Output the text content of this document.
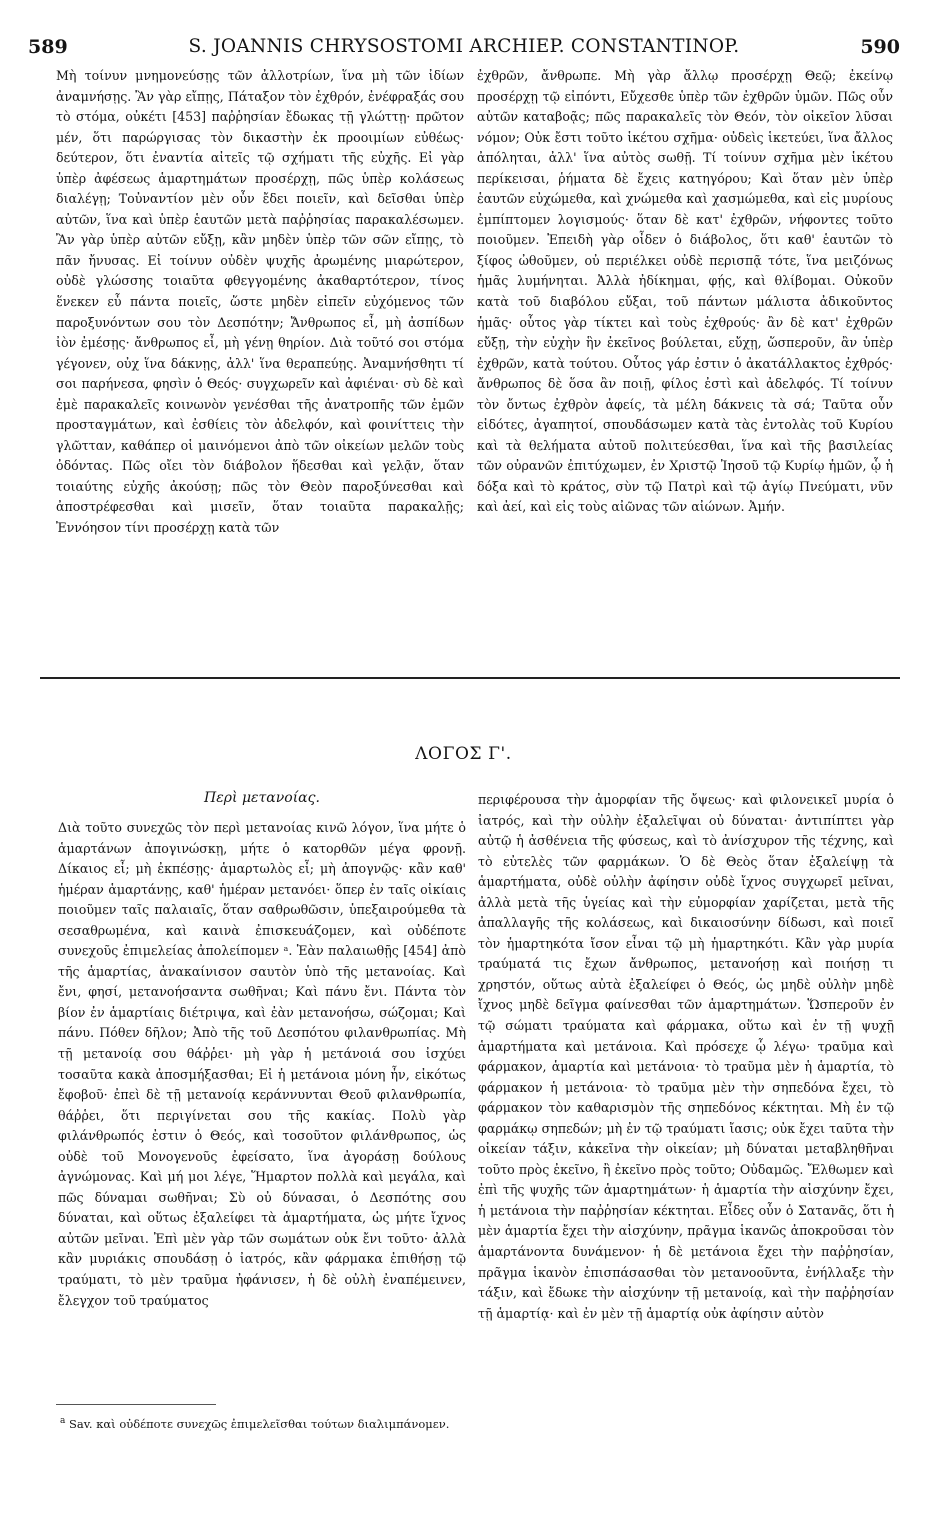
589	S. JOANNIS CHRYSOSTOMI ARCHIEP. CONSTANTINOP.	590

Μὴ τοίνυν μνημονεύσῃς τῶν ἀλλοτρίων, ἵνα μὴ τῶν ἰδίων ἀναμνήσῃς. Ἂν γὰρ εἴπῃς, Πάταξον τὸν ἐχθρόν, ἐνέφραξάς σου τὸ στόμα, οὐκέτι [453] παῤῥησίαν ἔδωκας τῇ γλώττῃ· πρῶτον μέν, ὅτι παρώργισας τὸν δικαστὴν ἐκ προοιμίων εὐθέως· δεύτερον, ὅτι ἐναντία αἰτεῖς τῷ σχήματι τῆς εὐχῆς. Εἰ γὰρ ὑπὲρ ἀφέσεως ἁμαρτημάτων προσέρχῃ, πῶς ὑπὲρ κολάσεως διαλέγῃ; Τοὐναντίον μὲν οὖν ἔδει ποιεῖν, καὶ δεῖσθαι ὑπὲρ αὐτῶν, ἵνα καὶ ὑπὲρ ἑαυτῶν μετὰ παῤῥησίας παρακαλέσωμεν. Ἂν γὰρ ὑπὲρ αὐτῶν εὔξῃ, κἂν μηδὲν ὑπὲρ τῶν σῶν εἴπῃς, τὸ πᾶν ἤνυσας. Εἰ τοίνυν οὐδὲν ψυχῆς ἀρωμένης μιαρώτερον, οὐδὲ γλώσσης τοιαῦτα φθεγγομένης ἀκαθαρτότερον, τίνος ἕνεκεν εὖ πάντα ποιεῖς, ὥστε μηδὲν εἰπεῖν εὐχόμενος τῶν παροξυνόντων σου τὸν Δεσπότην; Ἄνθρωπος εἶ, μὴ ἀσπίδων ἰὸν ἐμέσῃς· ἄνθρωπος εἶ, μὴ γένῃ θηρίον. Διὰ τοῦτό σοι στόμα γέγονεν, οὐχ ἵνα δάκνῃς, ἀλλ' ἵνα θεραπεύῃς. Ἀναμνήσθητι τί σοι παρήνεσα, φησὶν ὁ Θεός· συγχωρεῖν καὶ ἀφιέναι· σὺ δὲ καὶ ἐμὲ παρακαλεῖς κοινωνὸν γενέσθαι τῆς ἀνατροπῆς τῶν ἐμῶν προσταγμάτων, καὶ ἐσθίεις τὸν ἀδελφόν, καὶ φοινίττεις τὴν γλῶτταν, καθάπερ οἱ μαινόμενοι ἀπὸ τῶν οἰκείων μελῶν τοὺς ὀδόντας. Πῶς οἴει τὸν διάβολον ἥδεσθαι καὶ γελᾷν, ὅταν τοιαύτης εὐχῆς ἀκούσῃ; πῶς τὸν Θεὸν παροξύνεσθαι καὶ ἀποστρέφεσθαι καὶ μισεῖν, ὅταν τοιαῦτα παρακαλῇς; Ἐννόησον τίνι προσέρχῃ κατὰ τῶν

ἐχθρῶν, ἄνθρωπε. Μὴ γὰρ ἄλλῳ προσέρχῃ Θεῷ; ἐκείνῳ προσέρχῃ τῷ εἰπόντι, Εὔχεσθε ὑπὲρ τῶν ἐχθρῶν ὑμῶν. Πῶς οὖν αὐτῶν καταβοᾷς; πῶς παρακαλεῖς τὸν Θεόν, τὸν οἰκεῖον λῦσαι νόμον; Οὐκ ἔστι τοῦτο ἱκέτου σχῆμα· οὐδεὶς ἱκετεύει, ἵνα ἄλλος ἀπόληται, ἀλλ' ἵνα αὐτὸς σωθῇ. Τί τοίνυν σχῆμα μὲν ἱκέτου περίκεισαι, ῥήματα δὲ ἔχεις κατηγόρου; Καὶ ὅταν μὲν ὑπὲρ ἑαυτῶν εὐχώμεθα, καὶ χνώμεθα καὶ χασμώμεθα, καὶ εἰς μυρίους ἐμπίπτομεν λογισμούς· ὅταν δὲ κατ' ἐχθρῶν, νήφοντες τοῦτο ποιοῦμεν. Ἐπειδὴ γὰρ οἶδεν ὁ διάβολος, ὅτι καθ' ἑαυτῶν τὸ ξίφος ὠθοῦμεν, οὐ περιέλκει οὐδὲ περισπᾷ τότε, ἵνα μειζόνως ἡμᾶς λυμήνηται. Ἀλλὰ ἠδίκημαι, φῄς, καὶ θλίβομαι. Οὐκοῦν κατὰ τοῦ διαβόλου εὔξαι, τοῦ πάντων μάλιστα ἀδικοῦντος ἡμᾶς· οὗτος γὰρ τίκτει καὶ τοὺς ἐχθρούς· ἂν δὲ κατ' ἐχθρῶν εὔξῃ, τὴν εὐχὴν ἣν ἐκεῖνος βούλεται, εὔχῃ, ὥσπεροῦν, ἂν ὑπὲρ ἐχθρῶν, κατὰ τούτου. Οὗτος γάρ ἐστιν ὁ ἀκατάλλακτος ἐχθρός· ἄνθρωπος δὲ ὅσα ἂν ποιῇ, φίλος ἐστὶ καὶ ἀδελφός. Τί τοίνυν τὸν ὄντως ἐχθρὸν ἀφείς, τὰ μέλη δάκνεις τὰ σά; Ταῦτα οὖν εἰδότες, ἀγαπητοί, σπουδάσωμεν κατὰ τὰς ἐντολὰς τοῦ Κυρίου καὶ τὰ θελήματα αὐτοῦ πολιτεύεσθαι, ἵνα καὶ τῆς βασιλείας τῶν οὐρανῶν ἐπιτύχωμεν, ἐν Χριστῷ Ἰησοῦ τῷ Κυρίῳ ἡμῶν, ᾧ ἡ δόξα καὶ τὸ κράτος, σὺν τῷ Πατρὶ καὶ τῷ ἁγίῳ Πνεύματι, νῦν καὶ ἀεί, καὶ εἰς τοὺς αἰῶνας τῶν αἰώνων. Ἀμήν.

ΛΟΓΟΣ Γ'.
Περὶ μετανοίας.

Διὰ τοῦτο συνεχῶς τὸν περὶ μετανοίας κινῶ λόγον, ἵνα μήτε ὁ ἁμαρτάνων ἀπογινώσκῃ, μήτε ὁ κατορθῶν μέγα φρονῇ. Δίκαιος εἶ; μὴ ἐκπέσῃς· ἁμαρτωλὸς εἶ; μὴ ἀπογνῷς· κἂν καθ' ἡμέραν ἁμαρτάνῃς, καθ' ἡμέραν μετανόει· ὅπερ ἐν ταῖς οἰκίαις ποιοῦμεν ταῖς παλαιαῖς, ὅταν σαθρωθῶσιν, ὑπεξαιρούμεθα τὰ σεσαθρωμένα, καὶ καινὰ ἐπισκευάζομεν, καὶ οὐδέποτε συνεχοῦς ἐπιμελείας ἀπολείπομεν ᵃ. Ἐὰν παλαιωθῇς [454] ἀπὸ τῆς ἁμαρτίας, ἀνακαίνισον σαυτὸν ὑπὸ τῆς μετανοίας. Καὶ ἔνι, φησί, μετανοήσαντα σωθῆναι; Καὶ πάνυ ἔνι. Πάντα τὸν βίον ἐν ἁμαρτίαις διέτριψα, καὶ ἐὰν μετανοήσω, σώζομαι; Καὶ πάνυ. Πόθεν δῆλον; Ἀπὸ τῆς τοῦ Δεσπότου φιλανθρωπίας. Μὴ τῇ μετανοίᾳ σου θάῤῥει· μὴ γὰρ ἡ μετάνοιά σου ἰσχύει τοσαῦτα κακὰ ἀποσμήξασθαι; Εἰ ἡ μετάνοια μόνη ἦν, εἰκότως ἔφοβοῦ· ἐπεὶ δὲ τῇ μετανοίᾳ κεράννυνται Θεοῦ φιλανθρωπία, θάῤῥει, ὅτι περιγίνεται σου τῆς κακίας. Πολὺ γὰρ φιλάνθρωπός ἐστιν ὁ Θεός, καὶ τοσοῦτον φιλάνθρωπος, ὡς οὐδὲ τοῦ Μονογενοῦς ἐφείσατο, ἵνα ἀγοράσῃ δούλους ἀγνώμονας. Καὶ μή μοι λέγε, Ἥμαρτον πολλὰ καὶ μεγάλα, καὶ πῶς δύναμαι σωθῆναι; Σὺ οὐ δύνασαι, ὁ Δεσπότης σου δύναται, καὶ οὕτως ἐξαλείφει τὰ ἁμαρτήματα, ὡς μήτε ἴχνος αὐτῶν μεῖναι. Ἐπὶ μὲν γὰρ τῶν σωμάτων οὐκ ἔνι τοῦτο· ἀλλὰ κἂν μυριάκις σπουδάσῃ ὁ ἰατρός, κἂν φάρμακα ἐπιθήσῃ τῷ τραύματι, τὸ μὲν τραῦμα ἠφάνισεν, ἡ δὲ οὐλὴ ἐναπέμεινεν, ἔλεγχον τοῦ τραύματος

περιφέρουσα τὴν ἀμορφίαν τῆς ὄψεως· καὶ φιλονεικεῖ μυρία ὁ ἰατρός, καὶ τὴν οὐλὴν ἐξαλεῖψαι οὐ δύναται· ἀντιπίπτει γὰρ αὐτῷ ἡ ἀσθένεια τῆς φύσεως, καὶ τὸ ἀνίσχυρον τῆς τέχνης, καὶ τὸ εὐτελὲς τῶν φαρμάκων. Ὁ δὲ Θεὸς ὅταν ἐξαλείψῃ τὰ ἁμαρτήματα, οὐδὲ οὐλὴν ἀφίησιν οὐδὲ ἴχνος συγχωρεῖ μεῖναι, ἀλλὰ μετὰ τῆς ὑγείας καὶ τὴν εὐμορφίαν χαρίζεται, μετὰ τῆς ἀπαλλαγῆς τῆς κολάσεως, καὶ δικαιοσύνην δίδωσι, καὶ ποιεῖ τὸν ἡμαρτηκότα ἴσον εἶναι τῷ μὴ ἡμαρτηκότι. Κἂν γὰρ μυρία τραύματά τις ἔχων ἄνθρωπος, μετανοήσῃ καὶ ποιήσῃ τι χρηστόν, οὕτως αὐτὰ ἐξαλείφει ὁ Θεός, ὡς μηδὲ οὐλὴν μηδὲ ἴχνος μηδὲ δεῖγμα φαίνεσθαι τῶν ἁμαρτημάτων. Ὥσπεροῦν ἐν τῷ σώματι τραύματα καὶ φάρμακα, οὕτω καὶ ἐν τῇ ψυχῇ ἁμαρτήματα καὶ μετάνοια. Καὶ πρόσεχε ᾧ λέγω· τραῦμα καὶ φάρμακον, ἁμαρτία καὶ μετάνοια· τὸ τραῦμα μὲν ἡ ἁμαρτία, τὸ φάρμακον ἡ μετάνοια· τὸ τραῦμα μὲν τὴν σηπεδόνα ἔχει, τὸ φάρμακον τὸν καθαρισμὸν τῆς σηπεδόνος κέκτηται. Μὴ ἐν τῷ φαρμάκῳ σηπεδών; μὴ ἐν τῷ τραύματι ἴασις; οὐκ ἔχει ταῦτα τὴν οἰκείαν τάξιν, κἀκεῖνα τὴν οἰκείαν; μὴ δύναται μεταβληθῆναι τοῦτο πρὸς ἐκεῖνο, ἢ ἐκεῖνο πρὸς τοῦτο; Οὐδαμῶς. Ἔλθωμεν καὶ ἐπὶ τῆς ψυχῆς τῶν ἁμαρτημάτων· ἡ ἁμαρτία τὴν αἰσχύνην ἔχει, ἡ μετάνοια τὴν παῤῥησίαν κέκτηται. Εἶδες οὖν ὁ Σατανᾶς, ὅτι ἡ μὲν ἁμαρτία ἔχει τὴν αἰσχύνην, πρᾶγμα ἱκανῶς ἀποκροῦσαι τὸν ἁμαρτάνοντα δυνάμενον· ἡ δὲ μετάνοια ἔχει τὴν παῤῥησίαν, πρᾶγμα ἱκανὸν ἐπισπάσασθαι τὸν μετανοοῦντα, ἐνήλλαξε τὴν τάξιν, καὶ ἔδωκε τὴν αἰσχύνην τῇ μετανοίᾳ, καὶ τὴν παῤῥησίαν τῇ ἁμαρτίᾳ· καὶ ἐν μὲν τῇ ἁμαρτίᾳ οὐκ ἀφίησιν αὐτὸν

$^a$ Sav. καὶ οὐδέποτε συνεχῶς ἐπιμελεῖσθαι τούτων διαλιμπάνομεν.
